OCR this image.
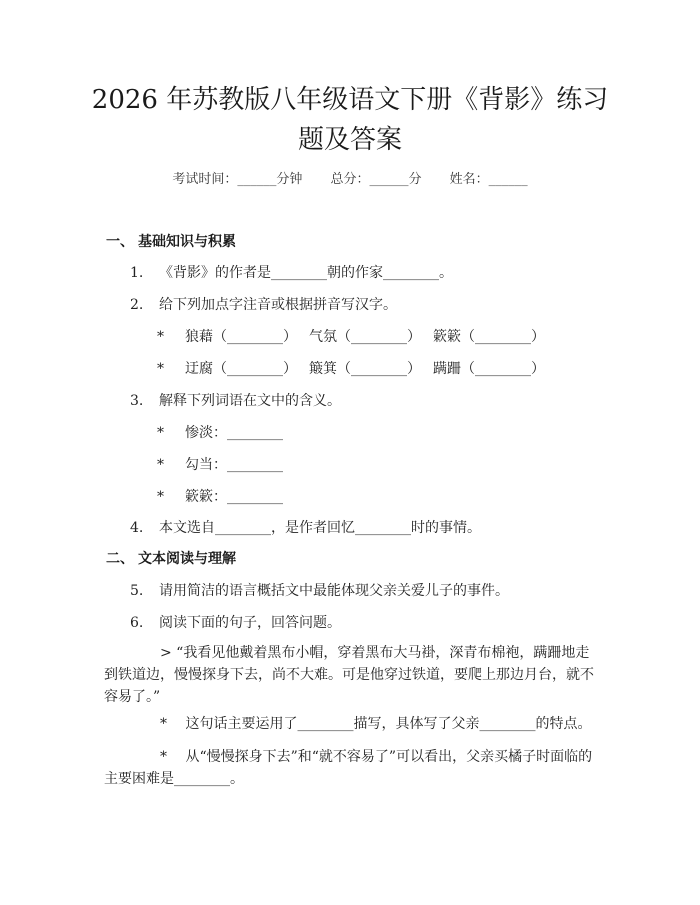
2026 年苏教版八年级语文下册《背影》练习题及答案
考试时间：______分钟 总分：______分 姓名：______
一、 基础知识与积累
1. 《背影》的作者是________朝的作家________。
2. 给下列加点字注音或根据拼音写汉字。
* 狼藉（________） 气氛（________） 簌簌（________）
* 迂腐（________） 簸箕（________） 蹒跚（________）
3. 解释下列词语在文中的含义。
* 惨淡：________
* 勾当：________
* 簌簌：________
4. 本文选自________，是作者回忆________时的事情。
二、 文本阅读与理解
5. 请用简洁的语言概括文中最能体现父亲关爱儿子的事件。
6. 阅读下面的句子，回答问题。
> “我看见他戴着黑布小帽，穿着黑布大马褂，深青布棉袍，蹒跚地走到铁道边，慢慢探身下去，尚不大难。可是他穿过铁道，要爬上那边月台，就不容易了。”
*　 这句话主要运用了________描写，具体写了父亲________的特点。
*　 从“慢慢探身下去”和“就不容易了”可以看出，父亲买橘子时面临的主要困难是________。
